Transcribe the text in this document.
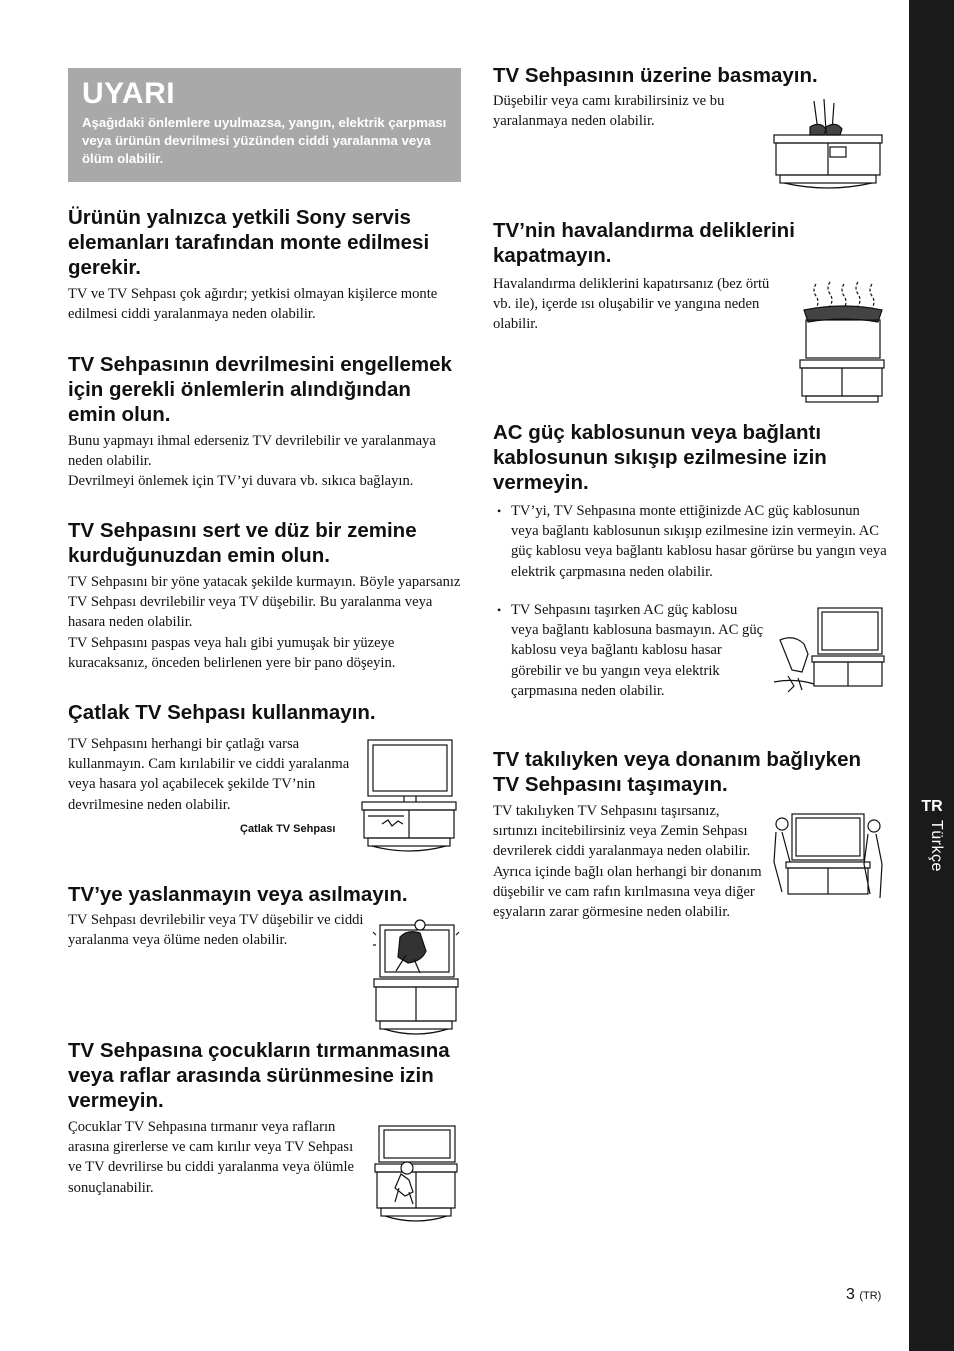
TR
Türkçe
UYARI
Aşağıdaki önlemlere uyulmazsa, yangın, elektrik çarpması veya ürünün devrilmesi yüzünden ciddi yaralanma veya ölüm olabilir.
Ürünün yalnızca yetkili Sony servis elemanları tarafından monte edilmesi gerekir.
TV ve TV Sehpası çok ağırdır; yetkisi olmayan kişilerce monte edilmesi ciddi yaralanmaya neden olabilir.
TV Sehpasının devrilmesini engellemek için gerekli önlemlerin alındığından emin olun.
Bunu yapmayı ihmal ederseniz TV devrilebilir ve yaralanmaya neden olabilir.
Devrilmeyi önlemek için TV’yi duvara vb. sıkıca bağlayın.
TV Sehpasını sert ve düz bir zemine kurduğunuzdan emin olun.
TV Sehpasını bir yöne yatacak şekilde kurmayın. Böyle yaparsanız TV Sehpası devrilebilir veya TV düşebilir. Bu yaralanma veya hasara neden olabilir.
TV Sehpasını paspas veya halı gibi yumuşak bir yüzeye kuracaksanız, önceden belirlenen yere bir pano döşeyin.
Çatlak TV Sehpası kullanmayın.
TV Sehpasını herhangi bir çatlağı varsa kullanmayın. Cam kırılabilir ve ciddi yaralanma veya hasara yol açabilecek şekilde TV’nin devrilmesine neden olabilir.
Çatlak TV Sehpası
TV’ye yaslanmayın veya asılmayın.
TV Sehpası devrilebilir veya TV düşebilir ve ciddi yaralanma veya ölüme neden olabilir.
TV Sehpasına çocukların tırmanmasına veya raflar arasında sürünmesine izin vermeyin.
Çocuklar TV Sehpasına tırmanır veya rafların arasına girerlerse ve cam kırılır veya TV Sehpası ve TV devrilirse bu ciddi yaralanma veya ölümle sonuçlanabilir.
TV Sehpasının üzerine basmayın.
Düşebilir veya camı kırabilirsiniz ve bu yaralanmaya neden olabilir.
TV’nin havalandırma deliklerini kapatmayın.
Havalandırma deliklerini kapatırsanız (bez örtü vb. ile), içerde ısı oluşabilir ve yangına neden olabilir.
AC güç kablosunun veya bağlantı kablosunun sıkışıp ezilmesine izin vermeyin.
• TV’yi, TV Sehpasına monte ettiğinizde AC güç kablosunun veya bağlantı kablosunun sıkışıp ezilmesine izin vermeyin. AC güç kablosu veya bağlantı kablosu hasar görürse bu yangın veya elektrik çarpmasına neden olabilir.
• TV Sehpasını taşırken AC güç kablosu veya bağlantı kablosuna basmayın. AC güç kablosu veya bağlantı kablosu hasar görebilir ve bu yangın veya elektrik çarpmasına neden olabilir.
TV takılıyken veya donanım bağlıyken TV Sehpasını taşımayın.
TV takılıyken TV Sehpasını taşırsanız, sırtınızı incitebilirsiniz veya Zemin Sehpası devrilerek ciddi yaralanmaya neden olabilir. Ayrıca içinde bağlı olan herhangi bir donanım düşebilir ve cam rafın kırılmasına veya diğer eşyaların zarar görmesine neden olabilir.
3 (TR)
